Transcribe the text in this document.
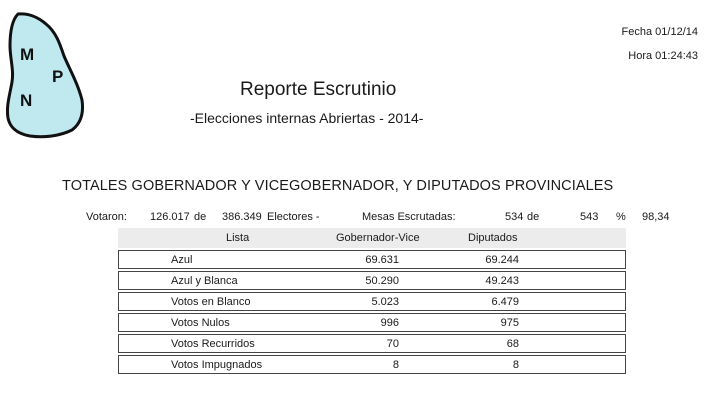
M
P
N
Fecha 01/12/14
Hora 01:24:43
Reporte Escrutinio
-Elecciones internas Abriertas - 2014-
TOTALES GOBERNADOR Y VICEGOBERNADOR, Y DIPUTADOS PROVINCIALES
Votaron: 126.017 de 386.349 Electores -	Mesas Escrutadas:	534 de	543 % 98,34
Lista	Gobernador-Vice	Diputados
Azul	69.631	69.244
Azul y Blanca	50.290	49.243
Votos en Blanco	5.023	6.479
Votos Nulos	996	975
Votos Recurridos	70	68
Votos Impugnados	8	8
